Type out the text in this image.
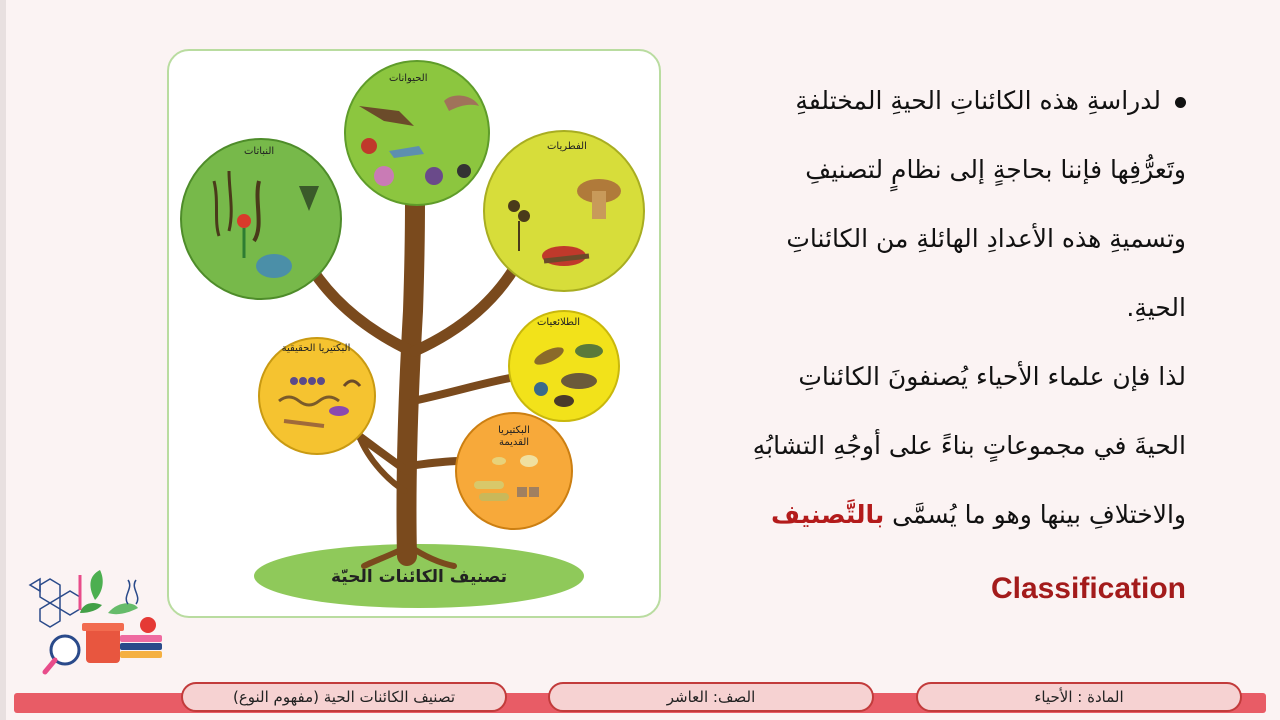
الحيوانات
النباتات	الفطريات
الطلائعيات
البكتيريا الحقيقية
البكتيريا القديمة
تصنيف الكائنات الحيّة

لدراسةِ هذه الكائناتِ الحيةِ المختلفةِ

وتَعرُّفِها فإننا بحاجةٍ إلى نظامٍ لتصنيفِ

وتسميةِ هذه الأعدادِ الهائلةِ من الكائناتِ

الحيةِ.

لذا فإن علماء الأحياء يُصنفونَ الكائناتِ

الحيةَ في مجموعاتٍ بناءً على أوجُهِ التشابُهِ

والاختلافِ بينها وهو ما يُسمَّى بالتَّصنيف

Classification
المادة : الأحياء
الصف: العاشر
تصنيف الكائنات الحية (مفهوم النوع)
